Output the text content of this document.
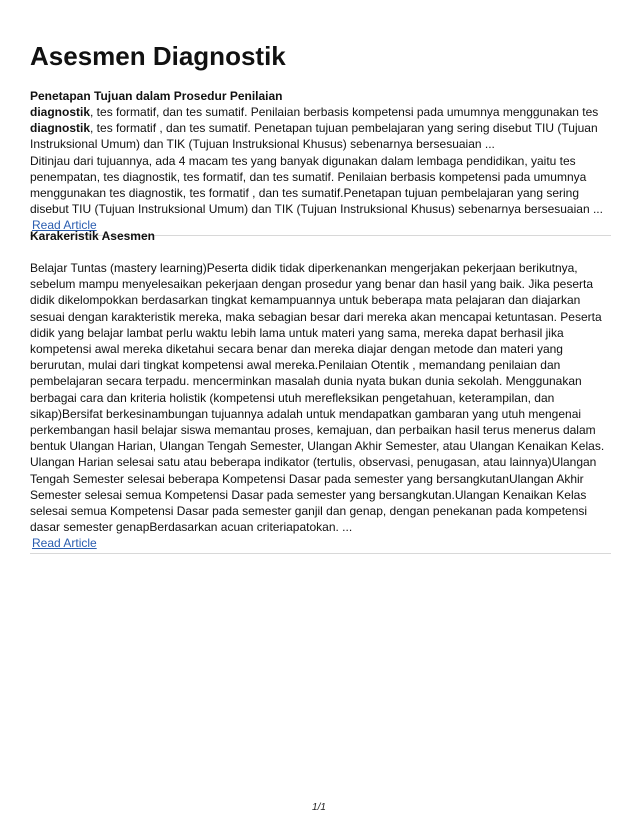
Asesmen Diagnostik

Penetapan Tujuan dalam Prosedur Penilaian

diagnostik, tes formatif, dan tes sumatif. Penilaian berbasis kompetensi pada umumnya menggunakan tes diagnostik, tes formatif , dan tes sumatif. Penetapan tujuan pembelajaran yang sering disebut TIU (Tujuan Instruksional Umum) dan TIK (Tujuan Instruksional Khusus) sebenarnya bersesuaian ...
Ditinjau dari tujuannya, ada 4 macam tes yang banyak digunakan dalam lembaga pendidikan, yaitu tes penempatan, tes diagnostik, tes formatif, dan tes sumatif. Penilaian berbasis kompetensi pada umumnya menggunakan tes diagnostik, tes formatif , dan tes sumatif.Penetapan tujuan pembelajaran yang sering disebut TIU (Tujuan Instruksional Umum) dan TIK (Tujuan Instruksional Khusus) sebenarnya bersesuaian ...

Read Article

Karakeristik Asesmen

Belajar Tuntas (mastery learning)Peserta didik tidak diperkenankan mengerjakan pekerjaan berikutnya, sebelum mampu menyelesaikan pekerjaan dengan prosedur yang benar dan hasil yang baik. Jika peserta didik dikelompokkan berdasarkan tingkat kemampuannya untuk beberapa mata pelajaran dan diajarkan sesuai dengan karakteristik mereka, maka sebagian besar dari mereka akan mencapai ketuntasan. Peserta didik yang belajar lambat perlu waktu lebih lama untuk materi yang sama, mereka dapat berhasil jika kompetensi awal mereka diketahui secara benar dan mereka diajar dengan metode dan materi yang berurutan, mulai dari tingkat kompetensi awal mereka.Penilaian Otentik , memandang penilaian dan pembelajaran secara terpadu. mencerminkan masalah dunia nyata bukan dunia sekolah. Menggunakan berbagai cara dan kriteria holistik (kompetensi utuh merefleksikan pengetahuan, keterampilan, dan sikap)Bersifat berkesinambungan tujuannya adalah untuk mendapatkan gambaran yang utuh mengenai perkembangan hasil belajar siswa memantau proses, kemajuan, dan perbaikan hasil terus menerus dalam bentuk Ulangan Harian, Ulangan Tengah Semester, Ulangan Akhir Semester, atau Ulangan Kenaikan Kelas. Ulangan Harian selesai satu atau beberapa indikator (tertulis, observasi, penugasan, atau lainnya)Ulangan Tengah Semester selesai beberapa Kompetensi Dasar pada semester yang bersangkutanUlangan Akhir Semester selesai semua Kompetensi Dasar pada semester yang bersangkutan.Ulangan Kenaikan Kelas selesai semua Kompetensi Dasar pada semester ganjil dan genap, dengan penekanan pada kompetensi dasar semester genapBerdasarkan acuan criteriapatokan. ...

Read Article
1/1
